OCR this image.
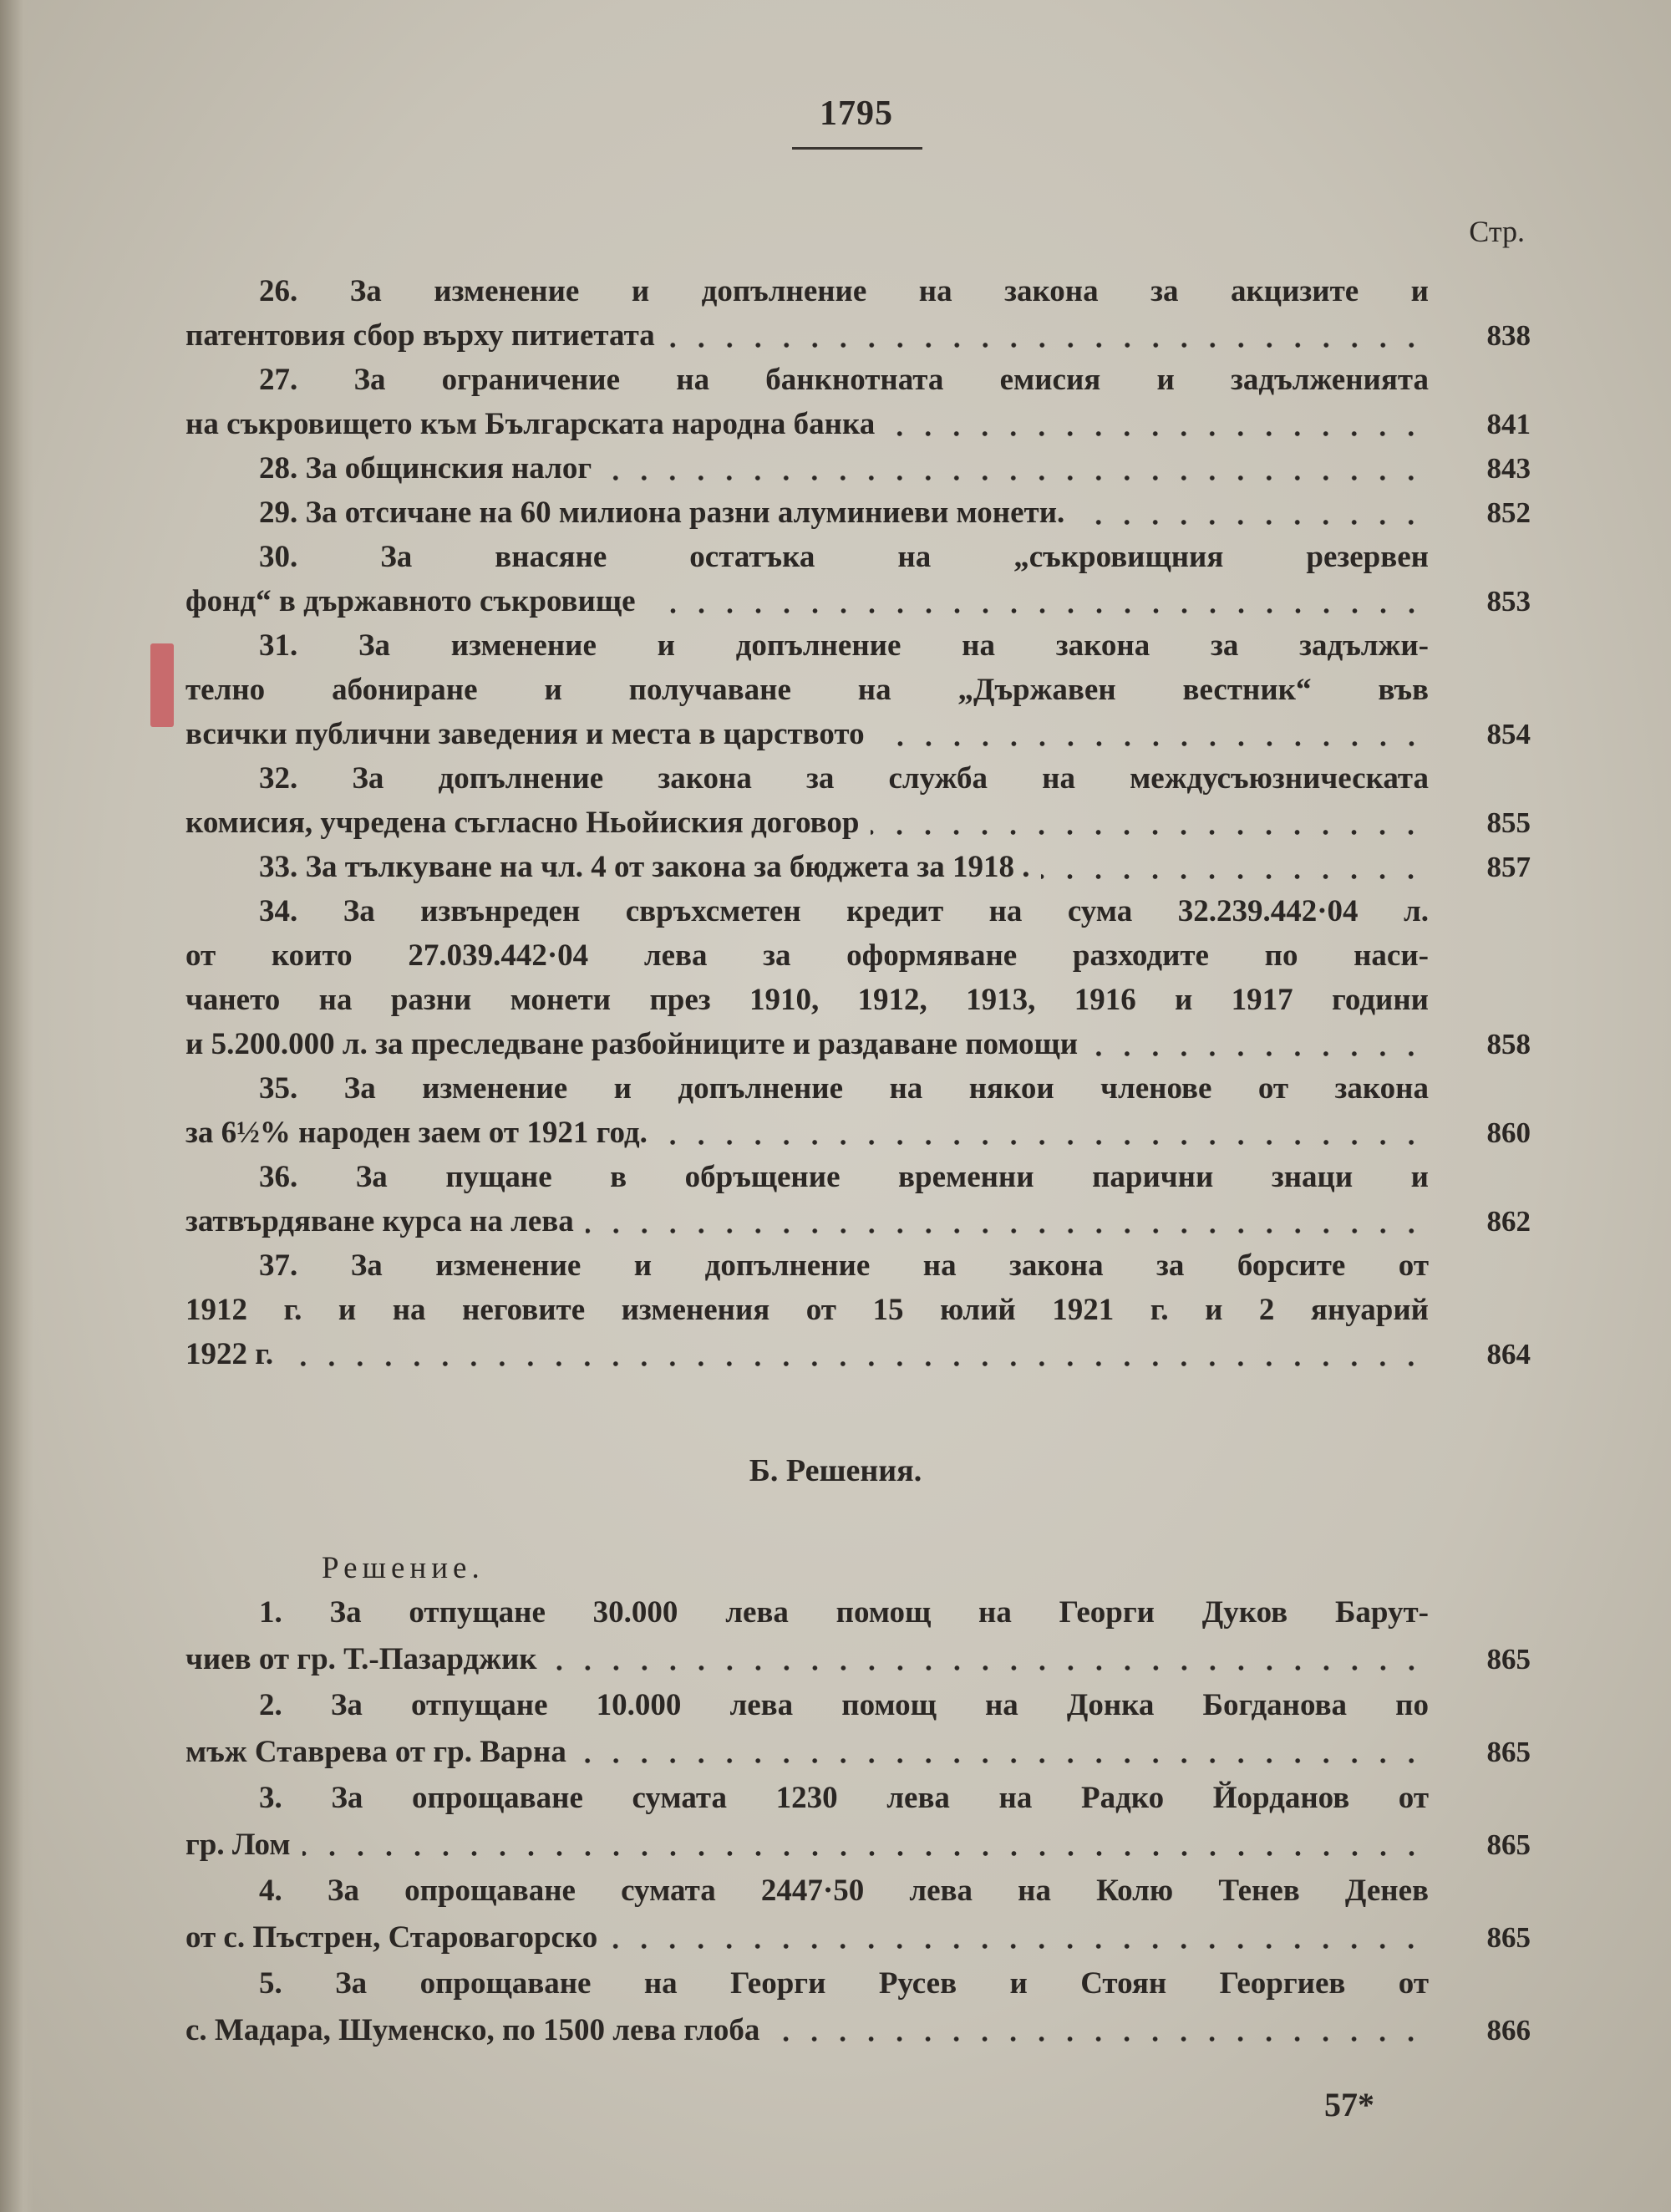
1795
Стр.
26. За изменение и допълнение на закона за акцизите и
патентовия сбор върху питиетата	838
27. За ограничение на банкнотната емисия и задълженията
на съкровището към Българската народна банка	841
28. За общинския налог	843
29. За отсичане на 60 милиона разни алуминиеви монети.	852
30. За внасяне остатъка на „съкровищния резервен
фонд“ в държавното съкровище	853
31. За изменение и допълнение на закона за задължи-
телно абониране и получаване на „Държавен вестник“ във
всички публични заведения и места в царството	854
32. За допълнение закона за служба на междусъюзническата
комисия, учредена съгласно Ньойиския договор	855
33. За тълкуване на чл. 4 от закона за бюджета за 1918 .	857
34. За извънреден свръхсметен кредит на сума 32.239.442·04 л.
от които 27.039.442·04 лева за оформяване разходите по наси-
чането на разни монети през 1910, 1912, 1913, 1916 и 1917 години
и 5.200.000 л. за преследване разбойниците и раздаване помощи	858
35. За изменение и допълнение на някои членове от закона
за 6½% народен заем от 1921 год.	860
36. За пущане в обръщение временни парични знаци и
затвърдяване курса на лева	862
37. За изменение и допълнение на закона за борсите от
1912 г. и на неговите изменения от 15 юлий 1921 г. и 2 януарий
1922 г.	864
Б. Решения.
Решение.
1. За отпущане 30.000 лева помощ на Георги Дуков Барут-
чиев от гр. Т.-Пазарджик	865
2. За отпущане 10.000 лева помощ на Донка Богданова по
мъж Ставрева от гр. Варна	865
3. За опрощаване сумата 1230 лева на Радко Йорданов от
гр. Лом	865
4. За опрощаване сумата 2447·50 лева на Колю Тенев Денев
от с. Пъстрен, Старовагорско	865
5. За опрощаване на Георги Русев и Стоян Георгиев от
с. Мадара, Шуменско, по 1500 лева глоба	866
57*
